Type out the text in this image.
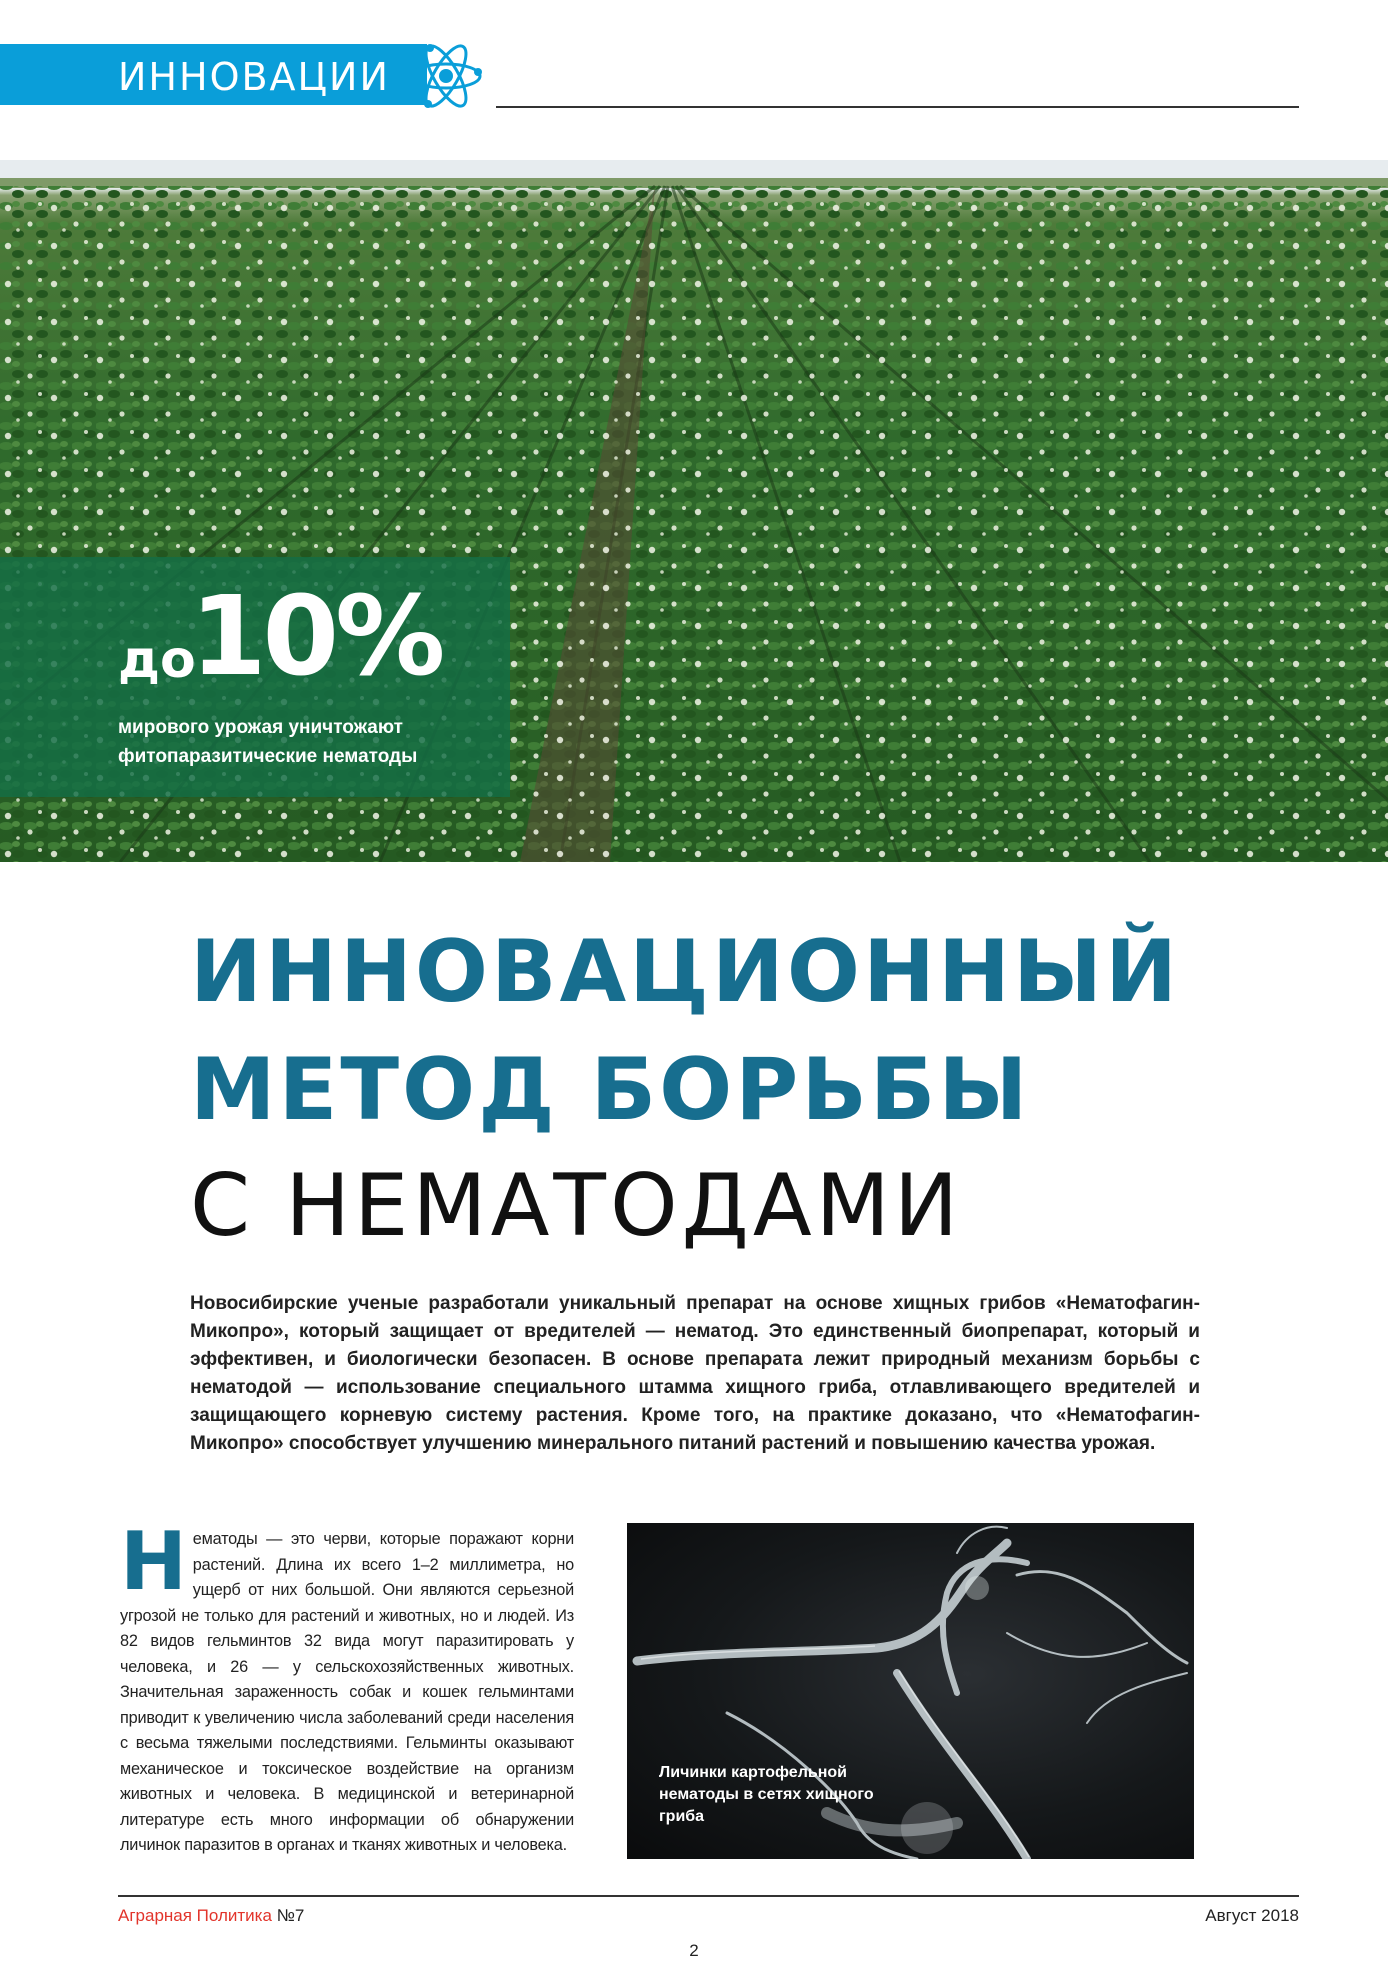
ИННОВАЦИИ
до
10%
мирового урожая уничтожают фитопаразитические нематоды
ИННОВАЦИОННЫЙ
МЕТОД БОРЬБЫ
С НЕМАТОДАМИ
Новосибирские ученые разработали уникальный препарат на основе хищных грибов «Нематофагин-Микопро», который защищает от вредителей — нематод. Это единственный биопрепарат, который и эффективен, и биологически безопасен. В основе препарата лежит природный механизм борьбы с нематодой — использование специального штамма хищного гриба, отлавливающего вредителей и защищающего корневую систему растения. Кроме того, на практике доказано, что «Нематофагин-Микопро» способствует улучшению минерального питаний растений и повышению качества урожая.
Нематоды — это черви, которые поражают корни растений. Длина их всего 1–2 миллиметра, но ущерб от них большой. Они являются серьезной угрозой не только для растений и животных, но и людей. Из 82 видов гельминтов 32 вида могут паразитировать у человека, и 26 — у сельскохозяйственных животных. Значительная зараженность собак и кошек гельминтами приводит к увеличению числа заболеваний среди населения с весьма тяжелыми последствиями. Гельминты оказывают механическое и токсическое воздействие на организм животных и человека. В медицинской и ветеринарной литературе есть много информации об обнаружении личинок паразитов в органах и тканях животных и человека.
Личинки картофельной нематоды в сетях хищного гриба
Аграрная Политика №7	Август 2018
2
